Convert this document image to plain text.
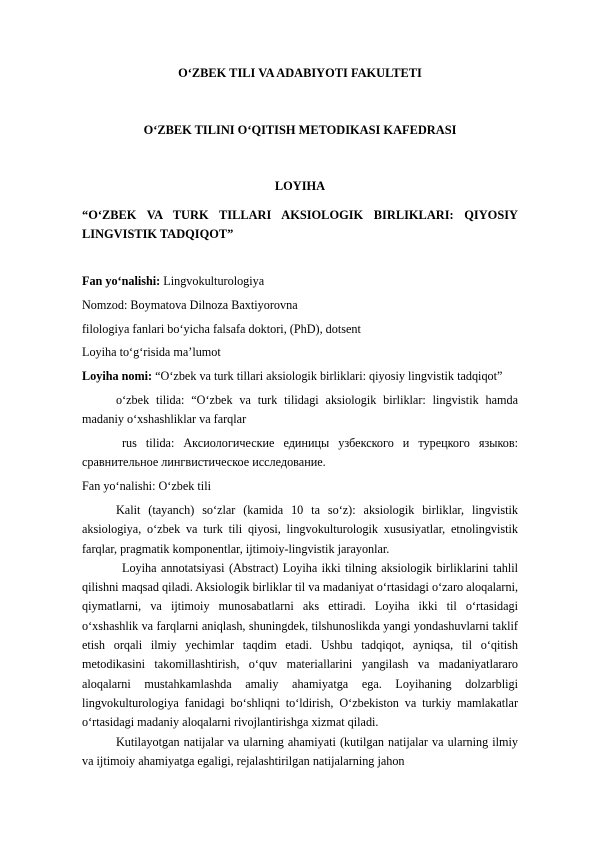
O‘ZBEK TILI VA ADABIYOTI FAKULTETI
O‘ZBEK TILINI O‘QITISH METODIKASI KAFEDRASI
LOYIHA
“O‘ZBEK VA TURK TILLARI AKSIOLOGIK BIRLIKLARI: QIYOSIY LINGVISTIK TADQIQOT”

Fan yo‘nalishi: Lingvokulturologiya

Nomzod: Boymatova Dilnoza Baxtiyorovna

filologiya fanlari bo‘yicha falsafa doktori, (PhD), dotsent

Loyiha to‘g‘risida ma’lumot

Loyiha nomi: “O‘zbek va turk tillari aksiologik birliklari: qiyosiy lingvistik tadqiqot”

o‘zbek tilida: “O‘zbek va turk tilidagi aksiologik birliklar: lingvistik hamda madaniy o‘xshashliklar va farqlar

rus tilida: Аксиологические единицы узбекского и турецкого языков: сравнительное лингвистическое исследование.

Fan yo‘nalishi: O‘zbek tili

Kalit (tayanch) so‘zlar (kamida 10 ta so‘z): aksiologik birliklar, lingvistik aksiologiya, o‘zbek va turk tili qiyosi, lingvokulturologik xususiyatlar, etnolingvistik farqlar, pragmatik komponentlar, ijtimoiy-lingvistik jarayonlar.

Loyiha annotatsiyasi (Abstract) Loyiha ikki tilning aksiologik birliklarini tahlil qilishni maqsad qiladi. Aksiologik birliklar til va madaniyat o‘rtasidagi o‘zaro aloqalarni, qiymatlarni, va ijtimoiy munosabatlarni aks ettiradi. Loyiha ikki til o‘rtasidagi o‘xshashlik va farqlarni aniqlash, shuningdek, tilshunoslikda yangi yondashuvlarni taklif etish orqali ilmiy yechimlar taqdim etadi. Ushbu tadqiqot, ayniqsa, til o‘qitish metodikasini takomillashtirish, o‘quv materiallarini yangilash va madaniyatlararo aloqalarni mustahkamlashda amaliy ahamiyatga ega. Loyihaning dolzarbligi lingvokulturologiya fanidagi bo‘shliqni to‘ldirish, O‘zbekiston va turkiy mamlakatlar o‘rtasidagi madaniy aloqalarni rivojlantirishga xizmat qiladi.

Kutilayotgan natijalar va ularning ahamiyati (kutilgan natijalar va ularning ilmiy va ijtimoiy ahamiyatga egaligi, rejalashtirilgan natijalarning jahon
